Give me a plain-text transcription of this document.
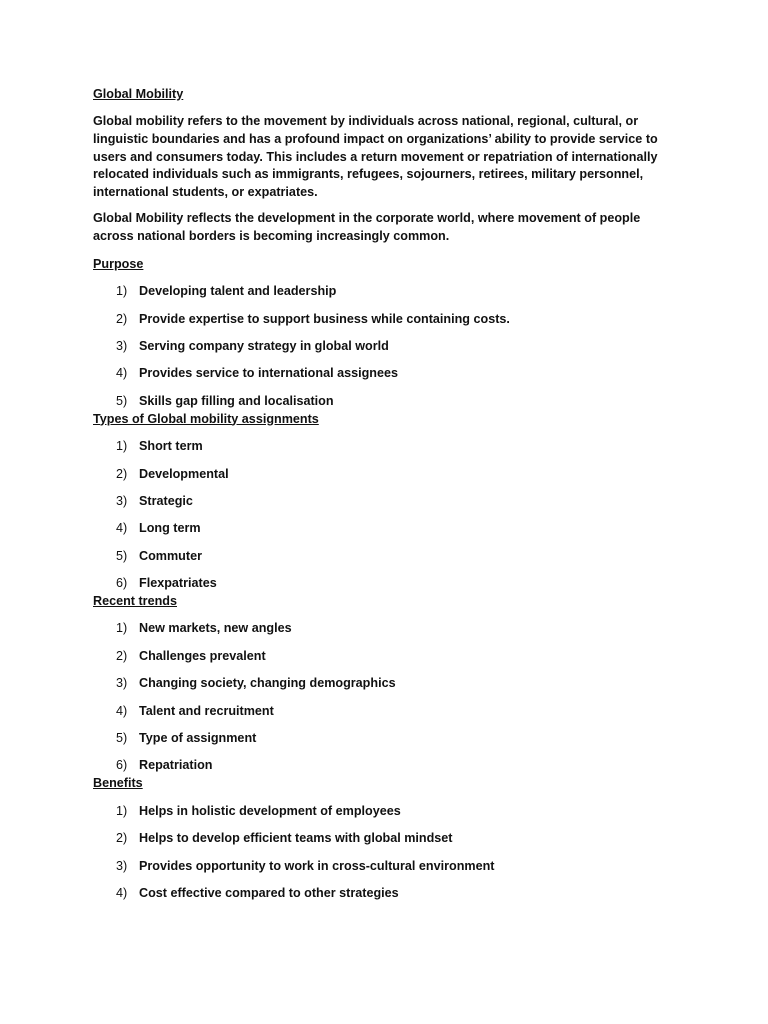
Global Mobility

Global mobility refers to the movement by individuals across national, regional, cultural, or linguistic boundaries and has a profound impact on organizations’ ability to provide service to users and consumers today. This includes a return movement or repatriation of internationally relocated individuals such as immigrants, refugees, sojourners, retirees, military personnel, international students, or expatriates.

Global Mobility reflects the development in the corporate world, where movement of people across national borders is becoming increasingly common.

Purpose
1) Developing talent and leadership
2) Provide expertise to support business while containing costs.
3) Serving company strategy in global world
4) Provides service to international assignees
5) Skills gap filling and localisation
Types of Global mobility assignments
1) Short term
2) Developmental
3) Strategic
4) Long term
5) Commuter
6) Flexpatriates
Recent trends
1) New markets, new angles
2) Challenges prevalent
3) Changing society, changing demographics
4) Talent and recruitment
5) Type of assignment
6) Repatriation
Benefits
1) Helps in holistic development of employees
2) Helps to develop efficient teams with global mindset
3) Provides opportunity to work in cross-cultural environment
4) Cost effective compared to other strategies
